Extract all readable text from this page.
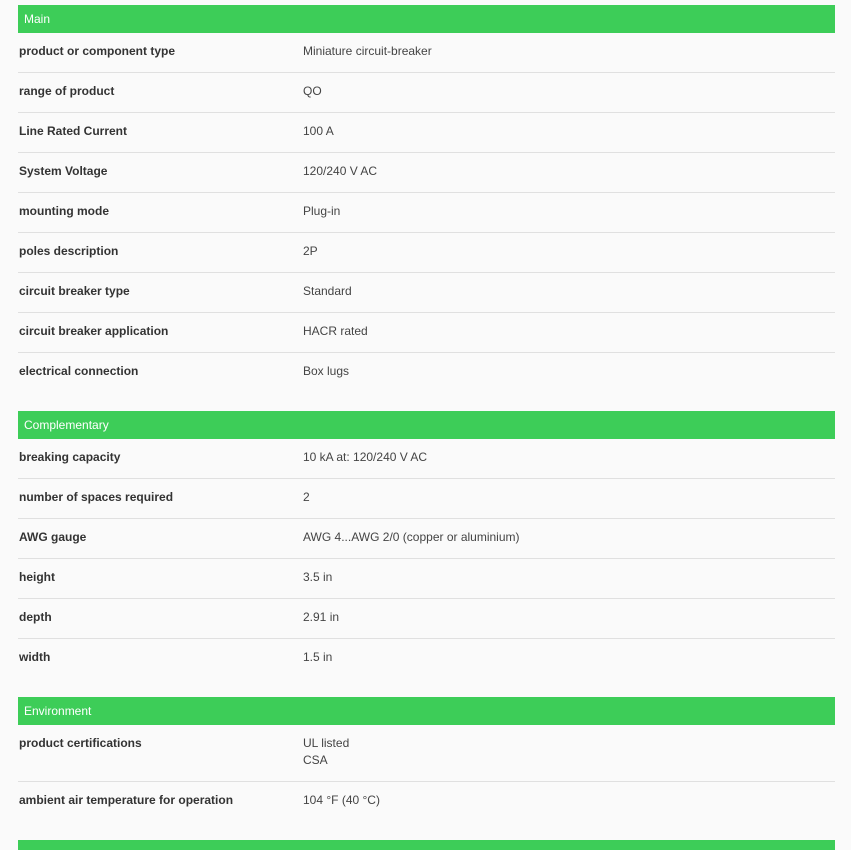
Main
product or component type	Miniature circuit-breaker
range of product	QO
Line Rated Current	100 A
System Voltage	120/240 V AC
mounting mode	Plug-in
poles description	2P
circuit breaker type	Standard
circuit breaker application	HACR rated
electrical connection	Box lugs
Complementary
breaking capacity	10 kA at: 120/240 V AC
number of spaces required	2
AWG gauge	AWG 4...AWG 2/0 (copper or aluminium)
height	3.5 in
depth	2.91 in
width	1.5 in
Environment
product certifications	UL listed
CSA
ambient air temperature for operation	104 °F (40 °C)
